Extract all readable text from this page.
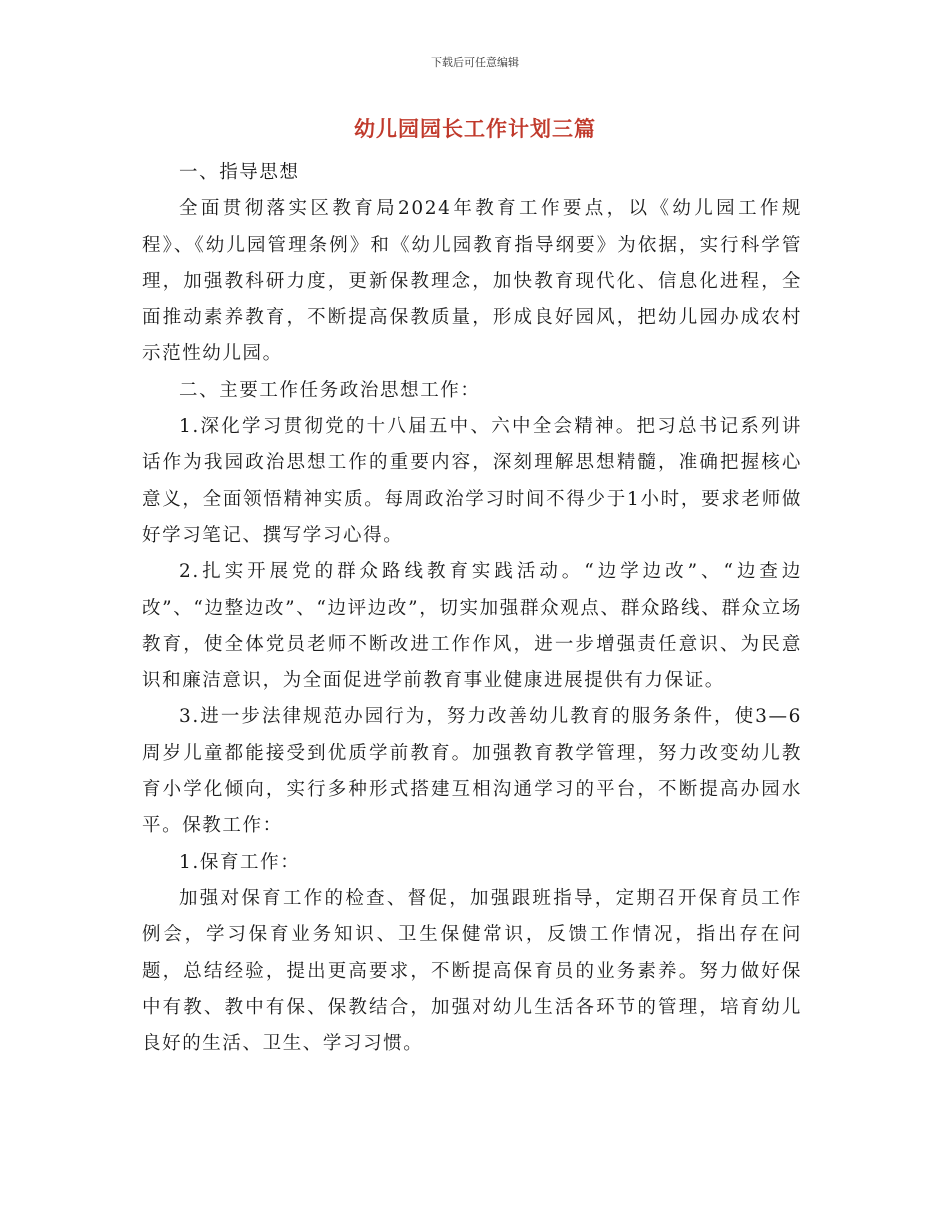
下载后可任意编辑
幼儿园园长工作计划三篇

一、指导思想

全面贯彻落实区教育局2024年教育工作要点，以《幼儿园工作规程》、《幼儿园管理条例》和《幼儿园教育指导纲要》为依据，实行科学管理，加强教科研力度，更新保教理念，加快教育现代化、信息化进程，全面推动素养教育，不断提高保教质量，形成良好园风，把幼儿园办成农村示范性幼儿园。

二、主要工作任务政治思想工作：

1.深化学习贯彻党的十八届五中、六中全会精神。把习总书记系列讲话作为我园政治思想工作的重要内容，深刻理解思想精髓，准确把握核心意义，全面领悟精神实质。每周政治学习时间不得少于1小时，要求老师做好学习笔记、撰写学习心得。

2.扎实开展党的群众路线教育实践活动。“边学边改”、“边查边改”、“边整边改”、“边评边改”，切实加强群众观点、群众路线、群众立场教育，使全体党员老师不断改进工作作风，进一步增强责任意识、为民意识和廉洁意识，为全面促进学前教育事业健康进展提供有力保证。

3.进一步法律规范办园行为，努力改善幼儿教育的服务条件，使3—6周岁儿童都能接受到优质学前教育。加强教育教学管理，努力改变幼儿教育小学化倾向，实行多种形式搭建互相沟通学习的平台，不断提高办园水平。保教工作：

1.保育工作：

加强对保育工作的检查、督促，加强跟班指导，定期召开保育员工作例会，学习保育业务知识、卫生保健常识，反馈工作情况，指出存在问题，总结经验，提出更高要求，不断提高保育员的业务素养。努力做好保中有教、教中有保、保教结合，加强对幼儿生活各环节的管理，培育幼儿良好的生活、卫生、学习习惯。
